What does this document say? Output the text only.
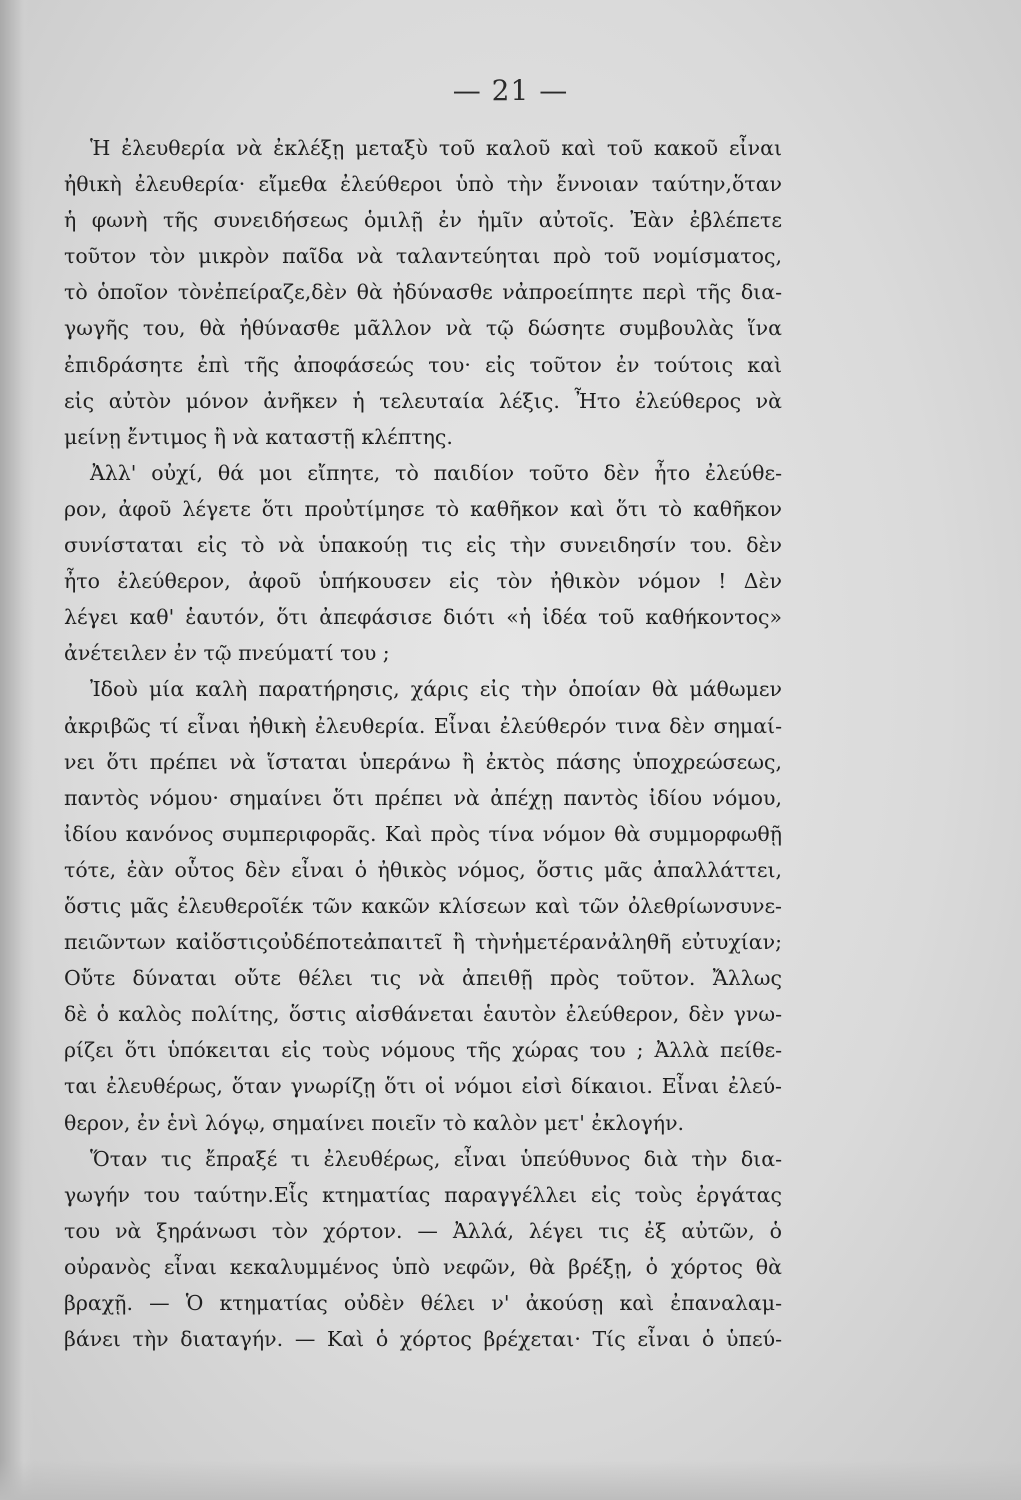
— 21 —
Ἡ ἐλευθερία νὰ ἐκλέξῃ μεταξὺ τοῦ καλοῦ καὶ τοῦ κακοῦ εἶναι
ἠθικὴ ἐλευθερία· εἴμεθα ἐλεύθεροι ὑπὸ τὴν ἔννοιαν ταύτην,ὅταν
ἡ φωνὴ τῆς συνειδήσεως ὁμιλῇ ἐν ἡμῖν αὐτοῖς. Ἐὰν ἐβλέπετε
τοῦτον τὸν μικρὸν παῖδα νὰ ταλαντεύηται πρὸ τοῦ νομίσματος,
τὸ ὁποῖον τὸνἐπείραζε,δὲν θὰ ἠδύνασθε νἀπροείπητε περὶ τῆς δια-
γωγῆς του, θὰ ἠθύνασθε μᾶλλον νὰ τῷ δώσητε συμβουλὰς ἵνα
ἐπιδράσητε ἐπὶ τῆς ἀποφάσεώς του· εἰς τοῦτον ἐν τούτοις καὶ
εἰς αὐτὸν μόνον ἀνῆκεν ἡ τελευταία λέξις. Ἦτο ἐλεύθερος νὰ
μείνῃ ἔντιμος ἢ νὰ καταστῇ κλέπτης.
Ἀλλ' οὐχί, θά μοι εἴπητε, τὸ παιδίον τοῦτο δὲν ἦτο ἐλεύθε-
ρον, ἀφοῦ λέγετε ὅτι προὐτίμησε τὸ καθῆκον καὶ ὅτι τὸ καθῆκον
συνίσταται εἰς τὸ νὰ ὑπακούῃ τις εἰς τὴν συνειδησίν του. δὲν
ἦτο ἐλεύθερον, ἀφοῦ ὑπήκουσεν εἰς τὸν ἠθικὸν νόμον ! Δὲν
λέγει καθ' ἑαυτόν, ὅτι ἀπεφάσισε διότι «ἡ ἰδέα τοῦ καθήκοντος»
ἀνέτειλεν ἐν τῷ πνεύματί του ;
Ἰδοὺ μία καλὴ παρατήρησις, χάρις εἰς τὴν ὁποίαν θὰ μάθωμεν
ἀκριβῶς τί εἶναι ἠθικὴ ἐλευθερία. Εἶναι ἐλεύθερόν τινα δὲν σημαί-
νει ὅτι πρέπει νὰ ἵσταται ὑπεράνω ἢ ἐκτὸς πάσης ὑποχρεώσεως,
παντὸς νόμου· σημαίνει ὅτι πρέπει νὰ ἀπέχῃ παντὸς ἰδίου νόμου,
ἰδίου κανόνος συμπεριφορᾶς. Καὶ πρὸς τίνα νόμον θὰ συμμορφωθῇ
τότε, ἐὰν οὗτος δὲν εἶναι ὁ ἠθικὸς νόμος, ὅστις μᾶς ἀπαλλάττει,
ὅστις μᾶς ἐλευθεροῖέκ τῶν κακῶν κλίσεων καὶ τῶν ὀλεθρίωνσυνε-
πειῶντων καἰὅστιςοὐδέποτεἀπαιτεῖ ἢ τὴνἡμετέρανἀληθῆ εὐτυχίαν;
Οὔτε δύναται οὔτε θέλει τις νὰ ἀπειθῇ πρὸς τοῦτον. Ἄλλως
δὲ ὁ καλὸς πολίτης, ὅστις αἰσθάνεται ἑαυτὸν ἐλεύθερον, δὲν γνω-
ρίζει ὅτι ὑπόκειται εἰς τοὺς νόμους τῆς χώρας του ; Ἀλλὰ πείθε-
ται ἐλευθέρως, ὅταν γνωρίζῃ ὅτι οἱ νόμοι εἰσὶ δίκαιοι. Εἶναι ἐλεύ-
θερον, ἐν ἑνὶ λόγῳ, σημαίνει ποιεῖν τὸ καλὸν μετ' ἐκλογήν.
Ὅταν τις ἔπραξέ τι ἐλευθέρως, εἶναι ὑπεύθυνος διὰ τὴν δια-
γωγήν του ταύτην.Εἷς κτηματίας παραγγέλλει εἰς τοὺς ἐργάτας
του νὰ ξηράνωσι τὸν χόρτον. — Ἀλλά, λέγει τις ἐξ αὐτῶν, ὁ
οὐρανὸς εἶναι κεκαλυμμένος ὑπὸ νεφῶν, θὰ βρέξῃ, ὁ χόρτος θὰ
βραχῇ. — Ὁ κτηματίας οὐδὲν θέλει ν' ἀκούσῃ καὶ ἐπαναλαμ-
βάνει τὴν διαταγήν. — Καὶ ὁ χόρτος βρέχεται· Τίς εἶναι ὁ ὑπεύ-
